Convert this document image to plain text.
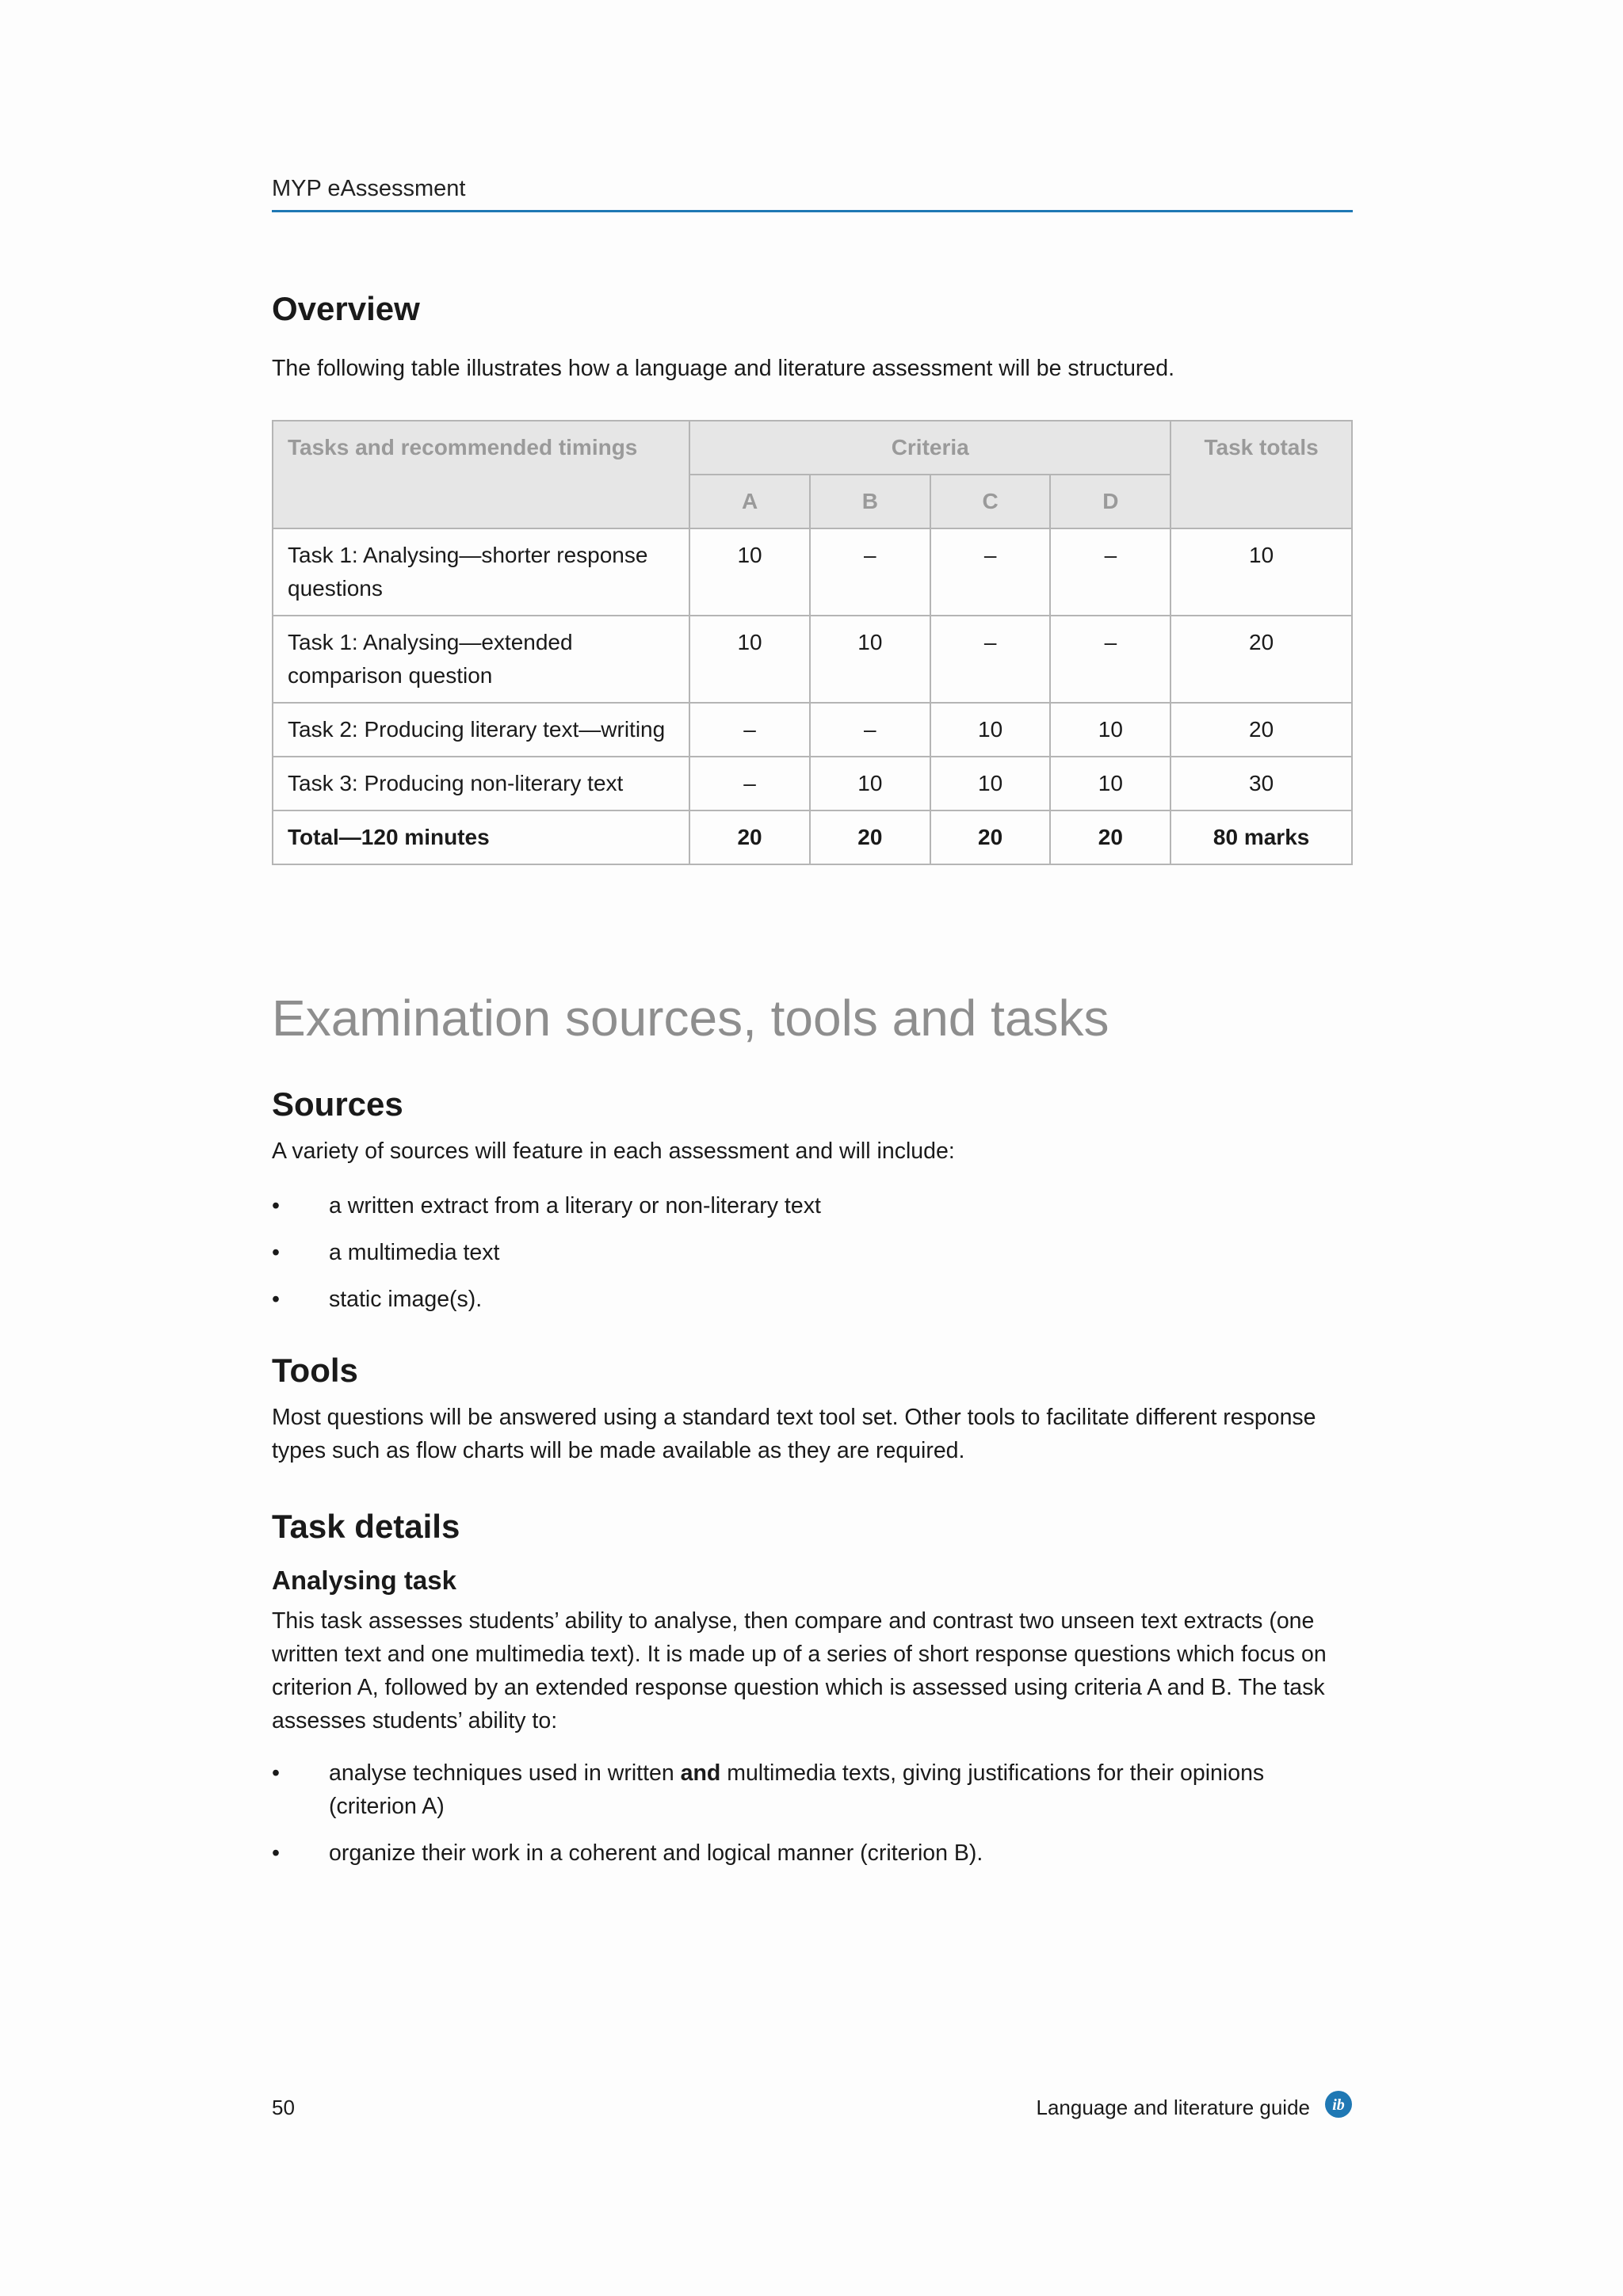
MYP eAssessment
Overview

The following table illustrates how a language and literature assessment will be structured.

Tasks and recommended timings	Criteria				Task totals
	A	B	C	D	
Task 1: Analysing—shorter response questions	10	–	–	–	10
Task 1: Analysing—extended comparison question	10	10	–	–	20
Task 2: Producing literary text—writing	–	–	10	10	20
Task 3: Producing non-literary text	–	10	10	10	30
Total—120 minutes	20	20	20	20	80 marks
Examination sources, tools and tasks
Sources

A variety of sources will feature in each assessment and will include:

•	a written extract from a literary or non-literary text
•	a multimedia text
•	static image(s).
Tools

Most questions will be answered using a standard text tool set. Other tools to facilitate different response types such as flow charts will be made available as they are required.

Task details
Analysing task

This task assesses students’ ability to analyse, then compare and contrast two unseen text extracts (one written text and one multimedia text). It is made up of a series of short response questions which focus on criterion A, followed by an extended response question which is assessed using criteria A and B. The task assesses students’ ability to:

•	analyse techniques used in written and multimedia texts, giving justifications for their opinions (criterion A)
•	organize their work in a coherent and logical manner (criterion B).
50	Language and literature guide ib
